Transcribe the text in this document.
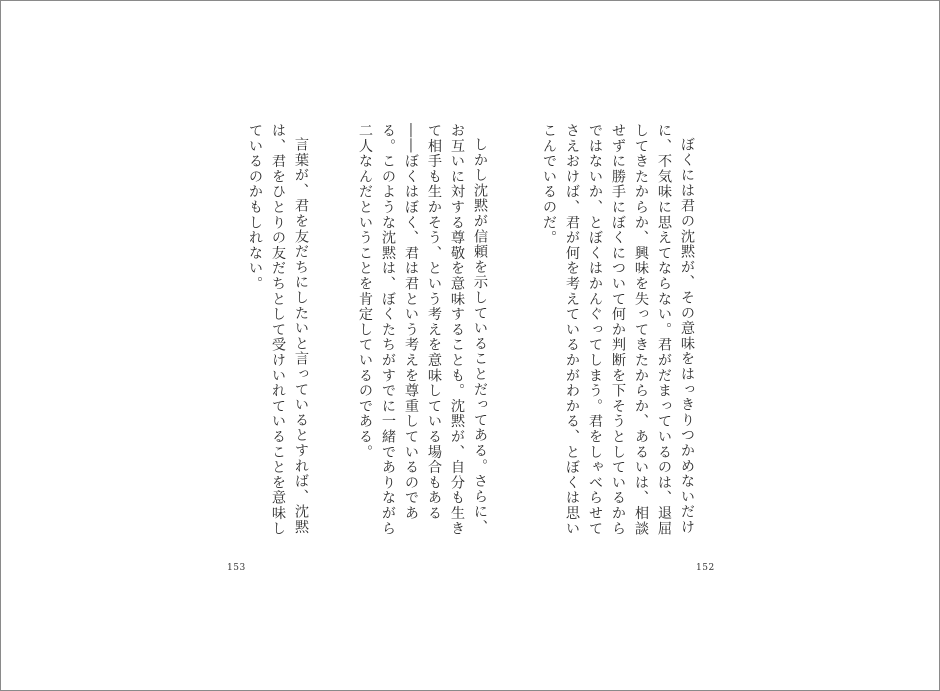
言葉が、君を友だちにしたいと言っているとすれば、沈黙は、君をひとりの友だちとして受けいれていることを意味しているのかもしれない。

153

ぼくには君の沈黙が、その意味をはっきりつかめないだけに、不気味に思えてならない。君がだまっているのは、退屈してきたからか、興味を失ってきたからか、あるいは、相談せずに勝手にぼくについて何か判断を下そうとしているからではないか、とぼくはかんぐってしまう。君をしゃべらせてさえおけば、君が何を考えているかがわかる、とぼくは思いこんでいるのだ。

しかし沈黙が信頼を示していることだってある。さらに、お互いに対する尊敬を意味することも。沈黙が、自分も生きて相手も生かそう、という考えを意味している場合もある――ぼくはぼく、君は君という考えを尊重しているのである。このような沈黙は、ぼくたちがすでに一緒でありながら二人なんだということを肯定しているのである。

152
